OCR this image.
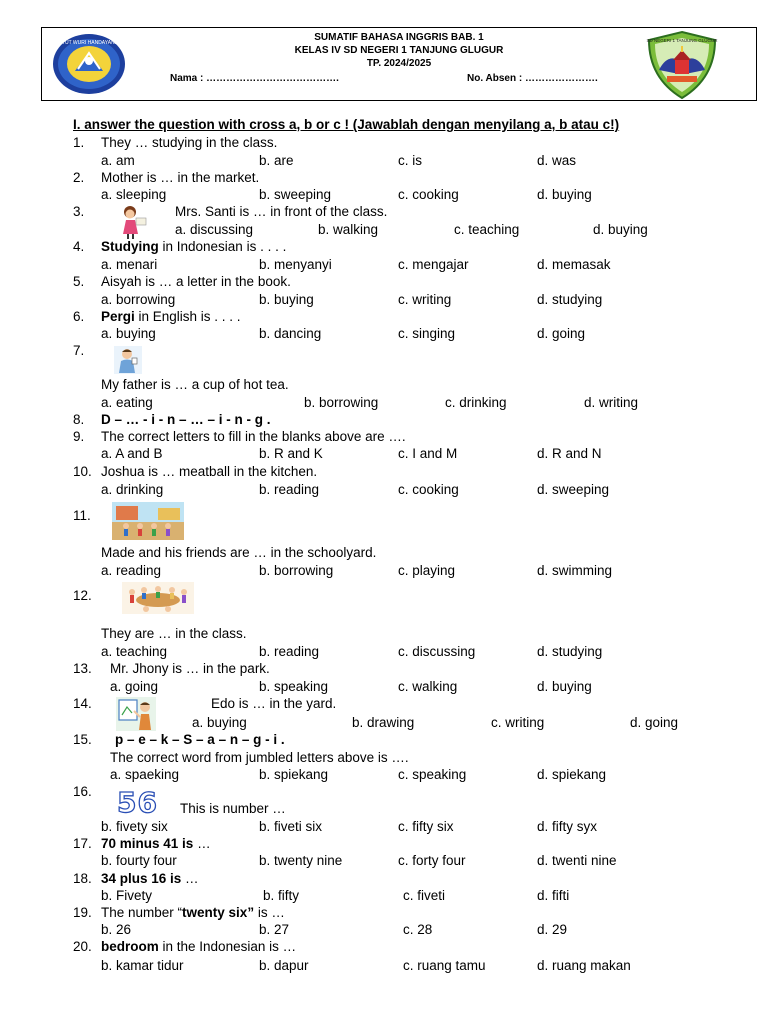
TUT WURI HANDAYANI	SUMATIF BAHASA INGGRIS BAB. 1
KELAS IV SD NEGERI 1 TANJUNG GLUGUR
TP. 2024/2025
Nama : ………………………………….	No. Absen : ………………….
SD NEGERI 1 TANJUNG GLUGUR
I. answer the question with cross a, b or c ! (Jawablah dengan menyilang a, b atau c!)
1. They … studying in the class.
a. am	b. are	c. is	d. was
2. Mother is … in the market.
a. sleeping	b. sweeping	c. cooking	d. buying
3.	Mrs. Santi is … in front of the class.
a. discussing	b. walking	c. teaching	d. buying
4. Studying in Indonesian is . . . .
a. menari	b. menyanyi	c. mengajar	d. memasak
5. Aisyah is … a letter in the book.
a. borrowing	b. buying	c. writing	d. studying
6. Pergi in English is . . . .
a. buying	b. dancing	c. singing	d. going
7.
My father is … a cup of hot tea.
a. eating	b. borrowing	c. drinking	d. writing
8. D – … - i - n – … – i - n - g .
9. The correct letters to fill in the blanks above are ….
a. A and B	b. R and K	c. I and M	d. R and N
10. Joshua is … meatball in the kitchen.
a. drinking	b. reading	c. cooking	d. sweeping
11.
Made and his friends are … in the schoolyard.
a. reading	b. borrowing	c. playing	d. swimming
12.
They are … in the class.
a. teaching	b. reading	c. discussing	d. studying
13. Mr. Jhony is … in the park.
a. going	b. speaking	c. walking	d. buying
14.	Edo is … in the yard.
a. buying	b. drawing	c. writing	d. going
15. p – e – k – S – a – n – g - i .
The correct word from jumbled letters above is ….
a. spaeking	b. spiekang	c. speaking	d. spiekang
16. 56 This is number …
b. fivety six	b. fiveti six	c. fifty six	d. fifty syx
17. 70 minus 41 is …
b. fourty four	b. twenty nine	c. forty four	d. twenti nine
18. 34 plus 16 is …
b. Fivety	b. fifty	c. fiveti	d. fifti
19. The number “twenty six” is …
b. 26	b. 27	c. 28	d. 29
20. bedroom in the Indonesian is …
b. kamar tidur	b. dapur	c. ruang tamu	d. ruang makan
